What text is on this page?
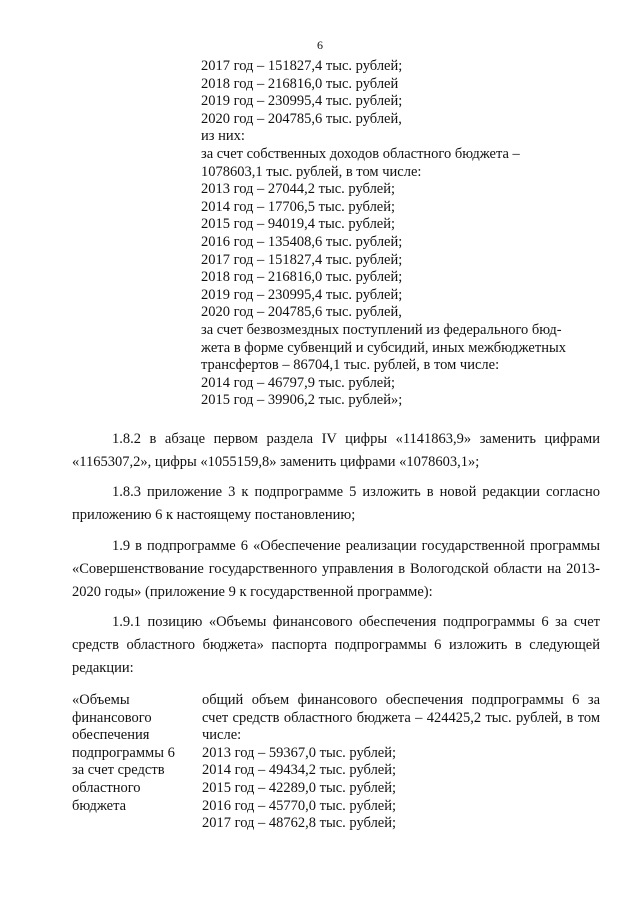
6
2017 год – 151827,4 тыс. рублей;
2018 год – 216816,0 тыс. рублей
2019 год – 230995,4 тыс. рублей;
2020 год – 204785,6 тыс. рублей,
из них:
за счет собственных доходов областного бюджета –
1078603,1 тыс. рублей, в том числе:
2013 год – 27044,2 тыс. рублей;
2014 год – 17706,5 тыс. рублей;
2015 год – 94019,4 тыс. рублей;
2016 год – 135408,6 тыс. рублей;
2017 год – 151827,4 тыс. рублей;
2018 год – 216816,0 тыс. рублей;
2019 год – 230995,4 тыс. рублей;
2020 год – 204785,6 тыс. рублей,
за счет безвозмездных поступлений из федерального бюд-
жета в форме субвенций и субсидий, иных межбюджетных
трансфертов – 86704,1 тыс. рублей, в том числе:
2014 год – 46797,9 тыс. рублей;
2015 год – 39906,2 тыс. рублей»;

1.8.2 в абзаце первом раздела IV цифры «1141863,9» заменить цифрами «1165307,2», цифры «1055159,8» заменить цифрами «1078603,1»;

1.8.3 приложение 3 к подпрограмме 5 изложить в новой редакции согласно приложению 6 к настоящему постановлению;

1.9 в подпрограмме 6 «Обеспечение реализации государственной программы «Совершенствование государственного управления в Вологодской области на 2013-2020 годы» (приложение 9 к государственной программе):

1.9.1 позицию «Объемы финансового обеспечения подпрограммы 6 за счет средств областного бюджета» паспорта подпрограммы 6 изложить в следующей редакции:

«Объемы
финансового
обеспечения
подпрограммы 6
за счет средств
областного
бюджета
общий объем финансового обеспечения подпрограммы 6 за счет средств областного бюджета – 424425,2 тыс. рублей, в том числе:
2013 год – 59367,0 тыс. рублей;
2014 год – 49434,2 тыс. рублей;
2015 год – 42289,0 тыс. рублей;
2016 год – 45770,0 тыс. рублей;
2017 год – 48762,8 тыс. рублей;
